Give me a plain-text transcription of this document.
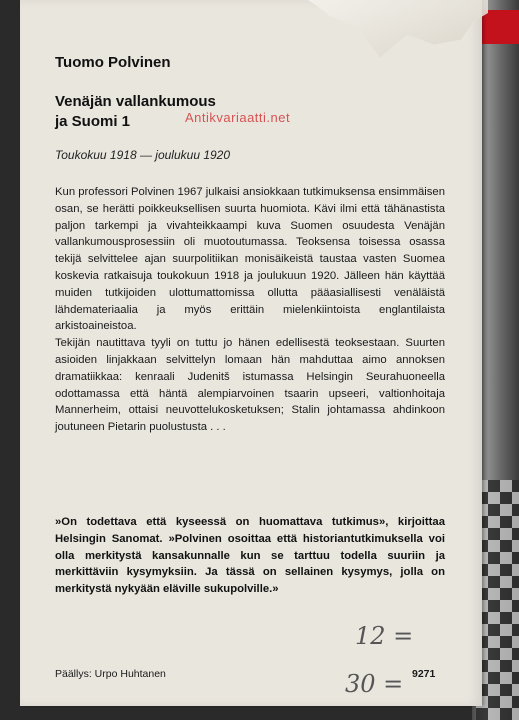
Tuomo Polvinen
Venäjän vallankumous
ja Suomi 1
Toukokuu 1918 — joulukuu 1920
Antikvariaatti.net

Kun professori Polvinen 1967 julkaisi ansiokkaan tutkimuksensa ensimmäisen osan, se herätti poikkeuksellisen suurta huomiota. Kävi ilmi että tähänastista paljon tarkempi ja vivahteikkaampi kuva Suomen osuudesta Venäjän vallankumousprosessiin oli muotoutumassa. Teoksensa toisessa osassa tekijä selvittelee ajan suurpolitiikan monisäikeistä taustaa vasten Suomea koskevia ratkaisuja toukokuun 1918 ja joulukuun 1920. Jälleen hän käyttää muiden tutkijoiden ulottumattomissa ollutta pääasiallisesti venäläistä lähdemateriaalia ja myös erittäin mielenkiintoista englantilaista arkistoaineistoa.

Tekijän nautittava tyyli on tuttu jo hänen edellisestä teoksestaan. Suurten asioiden linjakkaan selvittelyn lomaan hän mahduttaa aimo annoksen dramatiikkaa: kenraali Judenitš istumassa Helsingin Seurahuoneella odottamassa että häntä alempiarvoinen tsaarin upseeri, valtionhoitaja Mannerheim, ottaisi neuvottelukosketuksen; Stalin johtamassa ahdinkoon joutuneen Pietarin puolustusta . . .

»On todettava että kyseessä on huomattava tutkimus», kirjoittaa Helsingin Sanomat. »Polvinen osoittaa että historiantutkimuksella voi olla merkitystä kansakunnalle kun se tarttuu todella suuriin ja merkittäviin kysymyksiin. Ja tässä on sellainen kysymys, jolla on merkitystä nykyään eläville sukupolville.»
Päällys: Urpo Huhtanen	9271
12 =
30 =
